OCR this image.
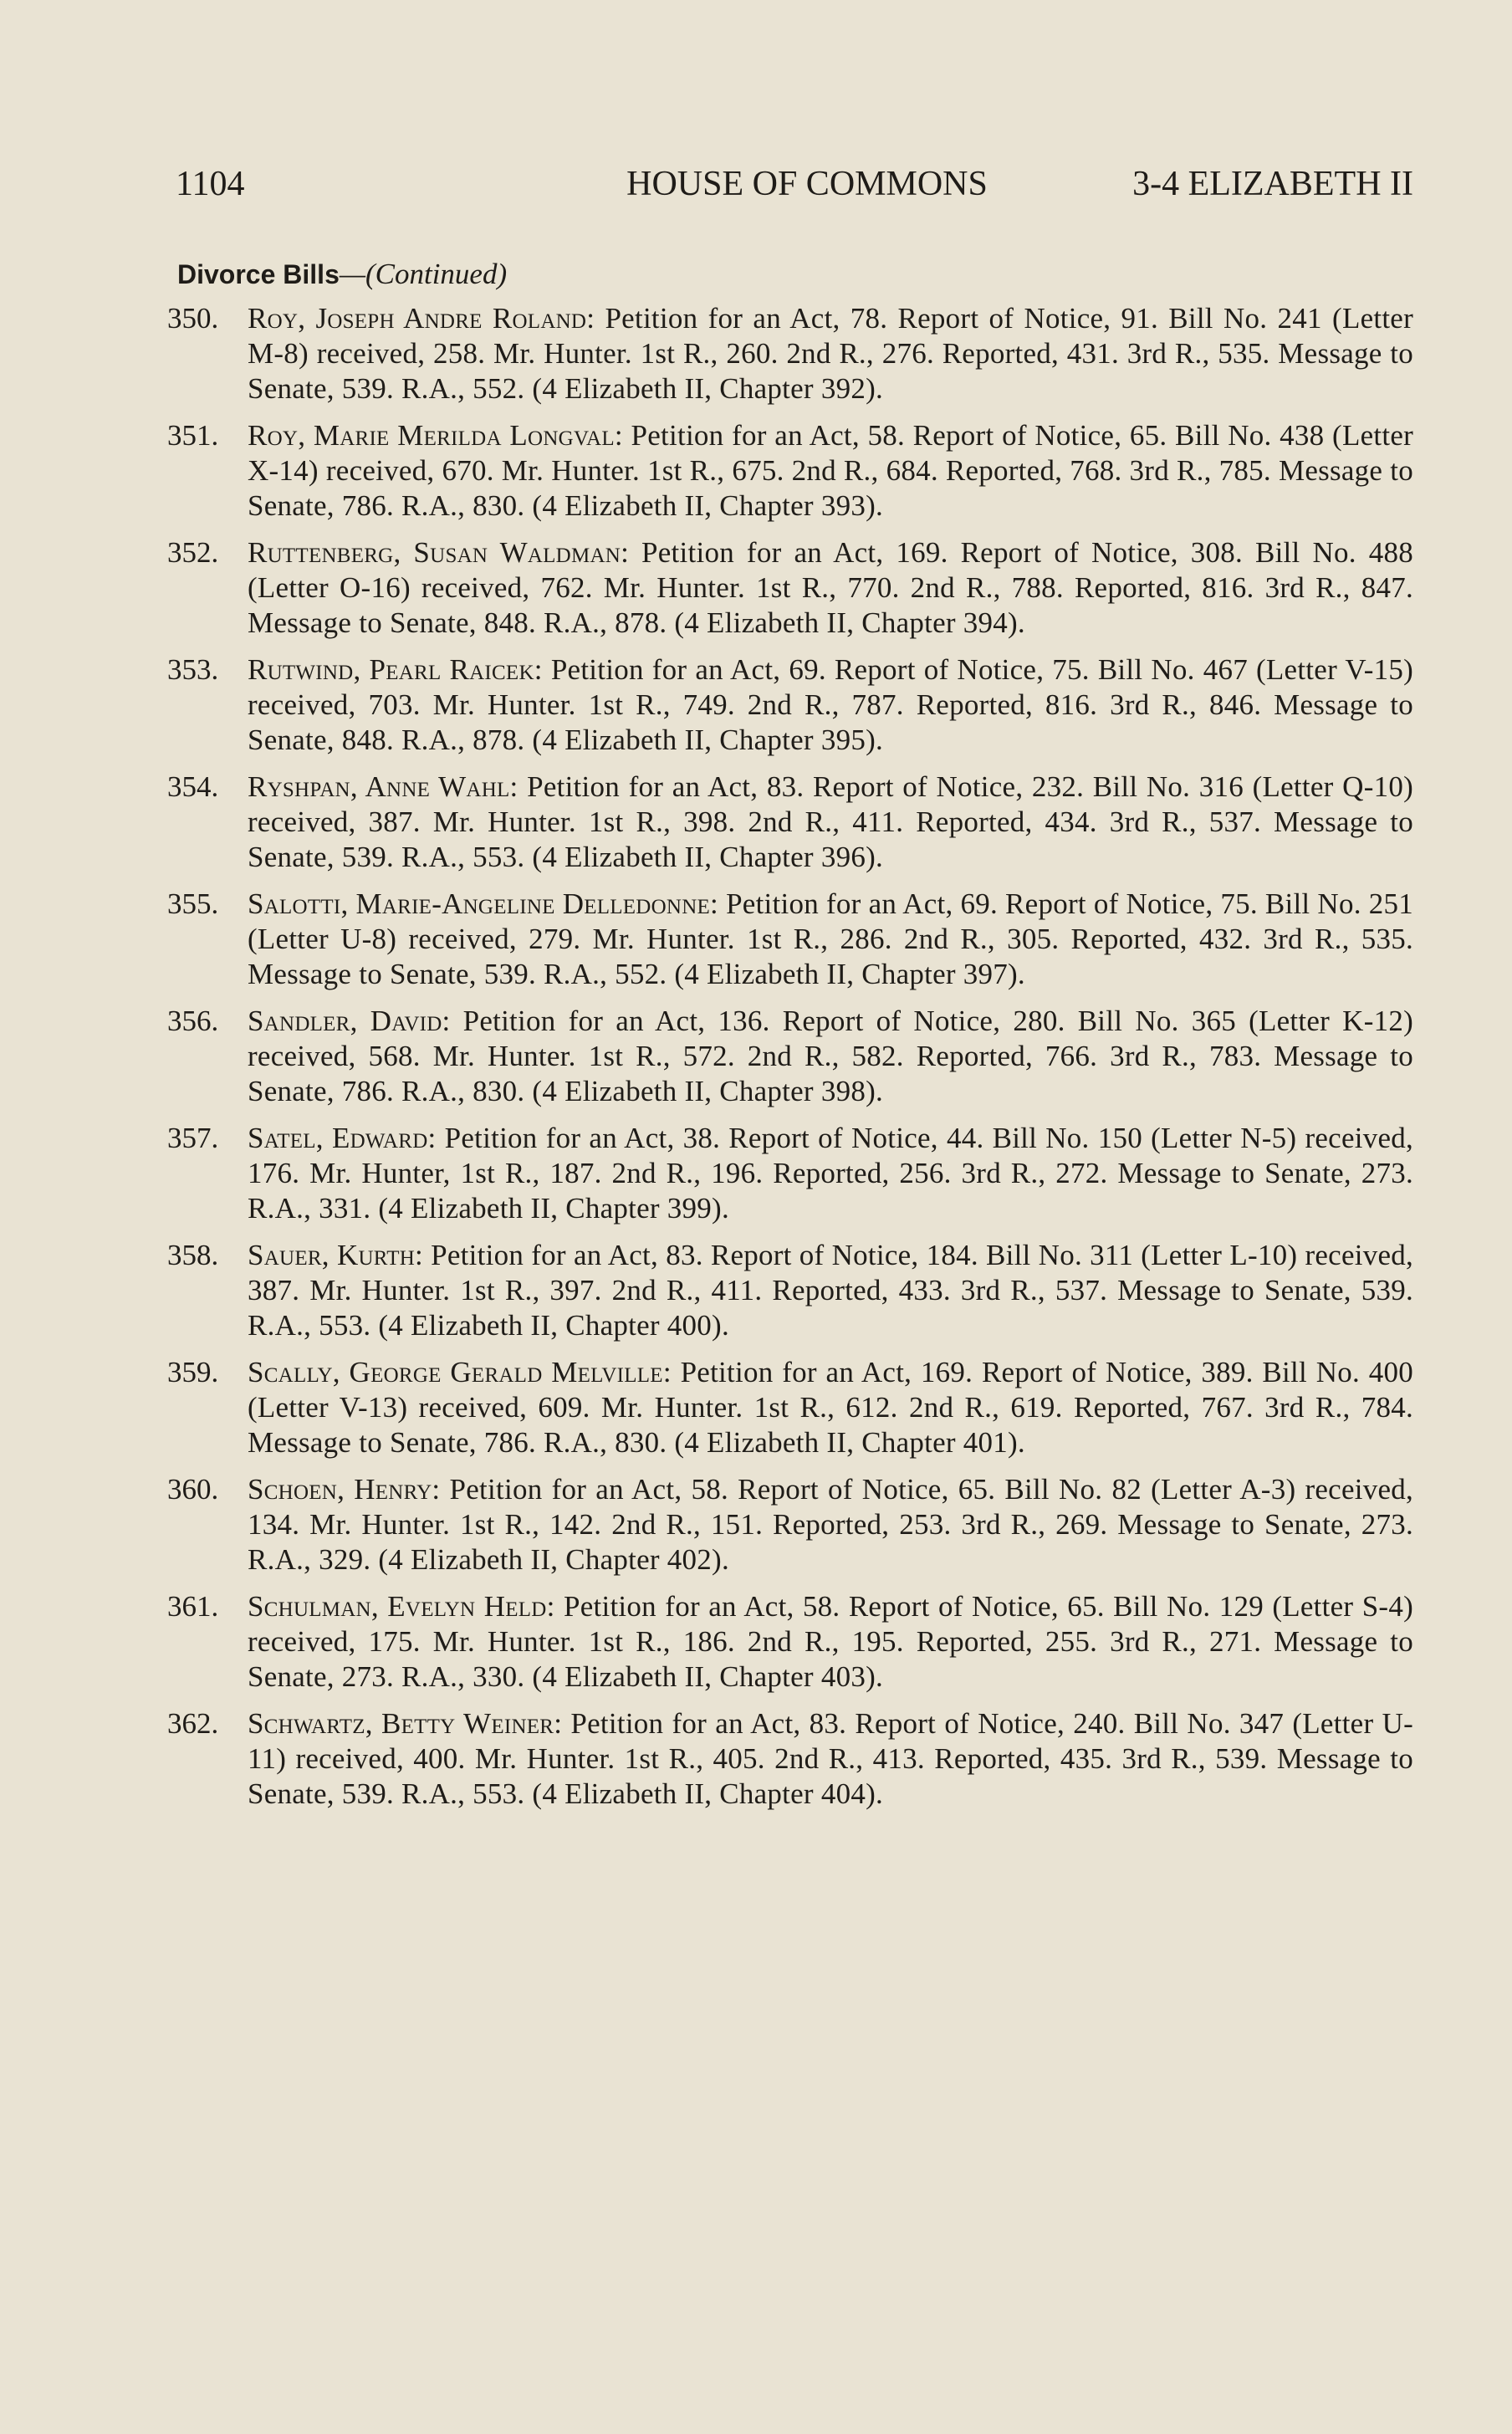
1104	HOUSE OF COMMONS	3-4 ELIZABETH II
Divorce Bills—(Continued)
350. Roy, Joseph Andre Roland: Petition for an Act, 78. Report of Notice, 91. Bill No. 241 (Letter M-8) received, 258. Mr. Hunter. 1st R., 260. 2nd R., 276. Reported, 431. 3rd R., 535. Message to Senate, 539. R.A., 552. (4 Elizabeth II, Chapter 392).
351. Roy, Marie Merilda Longval: Petition for an Act, 58. Report of Notice, 65. Bill No. 438 (Letter X-14) received, 670. Mr. Hunter. 1st R., 675. 2nd R., 684. Reported, 768. 3rd R., 785. Message to Senate, 786. R.A., 830. (4 Elizabeth II, Chapter 393).
352. Ruttenberg, Susan Waldman: Petition for an Act, 169. Report of Notice, 308. Bill No. 488 (Letter O-16) received, 762. Mr. Hunter. 1st R., 770. 2nd R., 788. Reported, 816. 3rd R., 847. Message to Senate, 848. R.A., 878. (4 Elizabeth II, Chapter 394).
353. Rutwind, Pearl Raicek: Petition for an Act, 69. Report of Notice, 75. Bill No. 467 (Letter V-15) received, 703. Mr. Hunter. 1st R., 749. 2nd R., 787. Reported, 816. 3rd R., 846. Message to Senate, 848. R.A., 878. (4 Elizabeth II, Chapter 395).
354. Ryshpan, Anne Wahl: Petition for an Act, 83. Report of Notice, 232. Bill No. 316 (Letter Q-10) received, 387. Mr. Hunter. 1st R., 398. 2nd R., 411. Reported, 434. 3rd R., 537. Message to Senate, 539. R.A., 553. (4 Elizabeth II, Chapter 396).
355. Salotti, Marie-Angeline Delledonne: Petition for an Act, 69. Report of Notice, 75. Bill No. 251 (Letter U-8) received, 279. Mr. Hunter. 1st R., 286. 2nd R., 305. Reported, 432. 3rd R., 535. Message to Senate, 539. R.A., 552. (4 Elizabeth II, Chapter 397).
356. Sandler, David: Petition for an Act, 136. Report of Notice, 280. Bill No. 365 (Letter K-12) received, 568. Mr. Hunter. 1st R., 572. 2nd R., 582. Reported, 766. 3rd R., 783. Message to Senate, 786. R.A., 830. (4 Elizabeth II, Chapter 398).
357. Satel, Edward: Petition for an Act, 38. Report of Notice, 44. Bill No. 150 (Letter N-5) received, 176. Mr. Hunter, 1st R., 187. 2nd R., 196. Reported, 256. 3rd R., 272. Message to Senate, 273. R.A., 331. (4 Elizabeth II, Chapter 399).
358. Sauer, Kurth: Petition for an Act, 83. Report of Notice, 184. Bill No. 311 (Letter L-10) received, 387. Mr. Hunter. 1st R., 397. 2nd R., 411. Reported, 433. 3rd R., 537. Message to Senate, 539. R.A., 553. (4 Elizabeth II, Chapter 400).
359. Scally, George Gerald Melville: Petition for an Act, 169. Report of Notice, 389. Bill No. 400 (Letter V-13) received, 609. Mr. Hunter. 1st R., 612. 2nd R., 619. Reported, 767. 3rd R., 784. Message to Senate, 786. R.A., 830. (4 Elizabeth II, Chapter 401).
360. Schoen, Henry: Petition for an Act, 58. Report of Notice, 65. Bill No. 82 (Letter A-3) received, 134. Mr. Hunter. 1st R., 142. 2nd R., 151. Reported, 253. 3rd R., 269. Message to Senate, 273. R.A., 329. (4 Elizabeth II, Chapter 402).
361. Schulman, Evelyn Held: Petition for an Act, 58. Report of Notice, 65. Bill No. 129 (Letter S-4) received, 175. Mr. Hunter. 1st R., 186. 2nd R., 195. Reported, 255. 3rd R., 271. Message to Senate, 273. R.A., 330. (4 Elizabeth II, Chapter 403).
362. Schwartz, Betty Weiner: Petition for an Act, 83. Report of Notice, 240. Bill No. 347 (Letter U-11) received, 400. Mr. Hunter. 1st R., 405. 2nd R., 413. Reported, 435. 3rd R., 539. Message to Senate, 539. R.A., 553. (4 Elizabeth II, Chapter 404).
